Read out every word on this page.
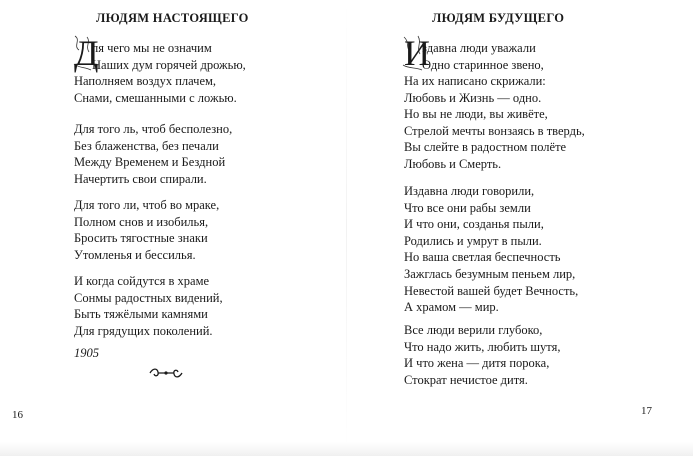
ЛЮДЯМ НАСТОЯЩЕГО
Д
ля чего мы не означим
Наших дум горячей дрожью,
Наполняем воздух плачем,
Снами, смешанными с ложью.
Для того ль, чтоб бесполезно,
Без блаженства, без печали
Между Временем и Бездной
Начертить свои спирали.
Для того ли, чтоб во мраке,
Полном снов и изобилья,
Бросить тягостные знаки
Утомленья и бессилья.
И когда сойдутся в храме
Сонмы радостных видений,
Быть тяжёлыми камнями
Для грядущих поколений.
1905
16
ЛЮДЯМ БУДУЩЕГО
И
здавна люди уважали
Одно старинное звено,
На их написано скрижали:
Любовь и Жизнь — одно.
Но вы не люди, вы живёте,
Стрелой мечты вонзаясь в твердь,
Вы слейте в радостном полёте
Любовь и Смерть.
Издавна люди говорили,
Что все они рабы земли
И что они, созданья пыли,
Родились и умрут в пыли.
Но ваша светлая беспечность
Зажглась безумным пеньем лир,
Невестой вашей будет Вечность,
А храмом — мир.
Все люди верили глубоко,
Что надо жить, любить шутя,
И что жена — дитя порока,
Стократ нечистое дитя.
17
